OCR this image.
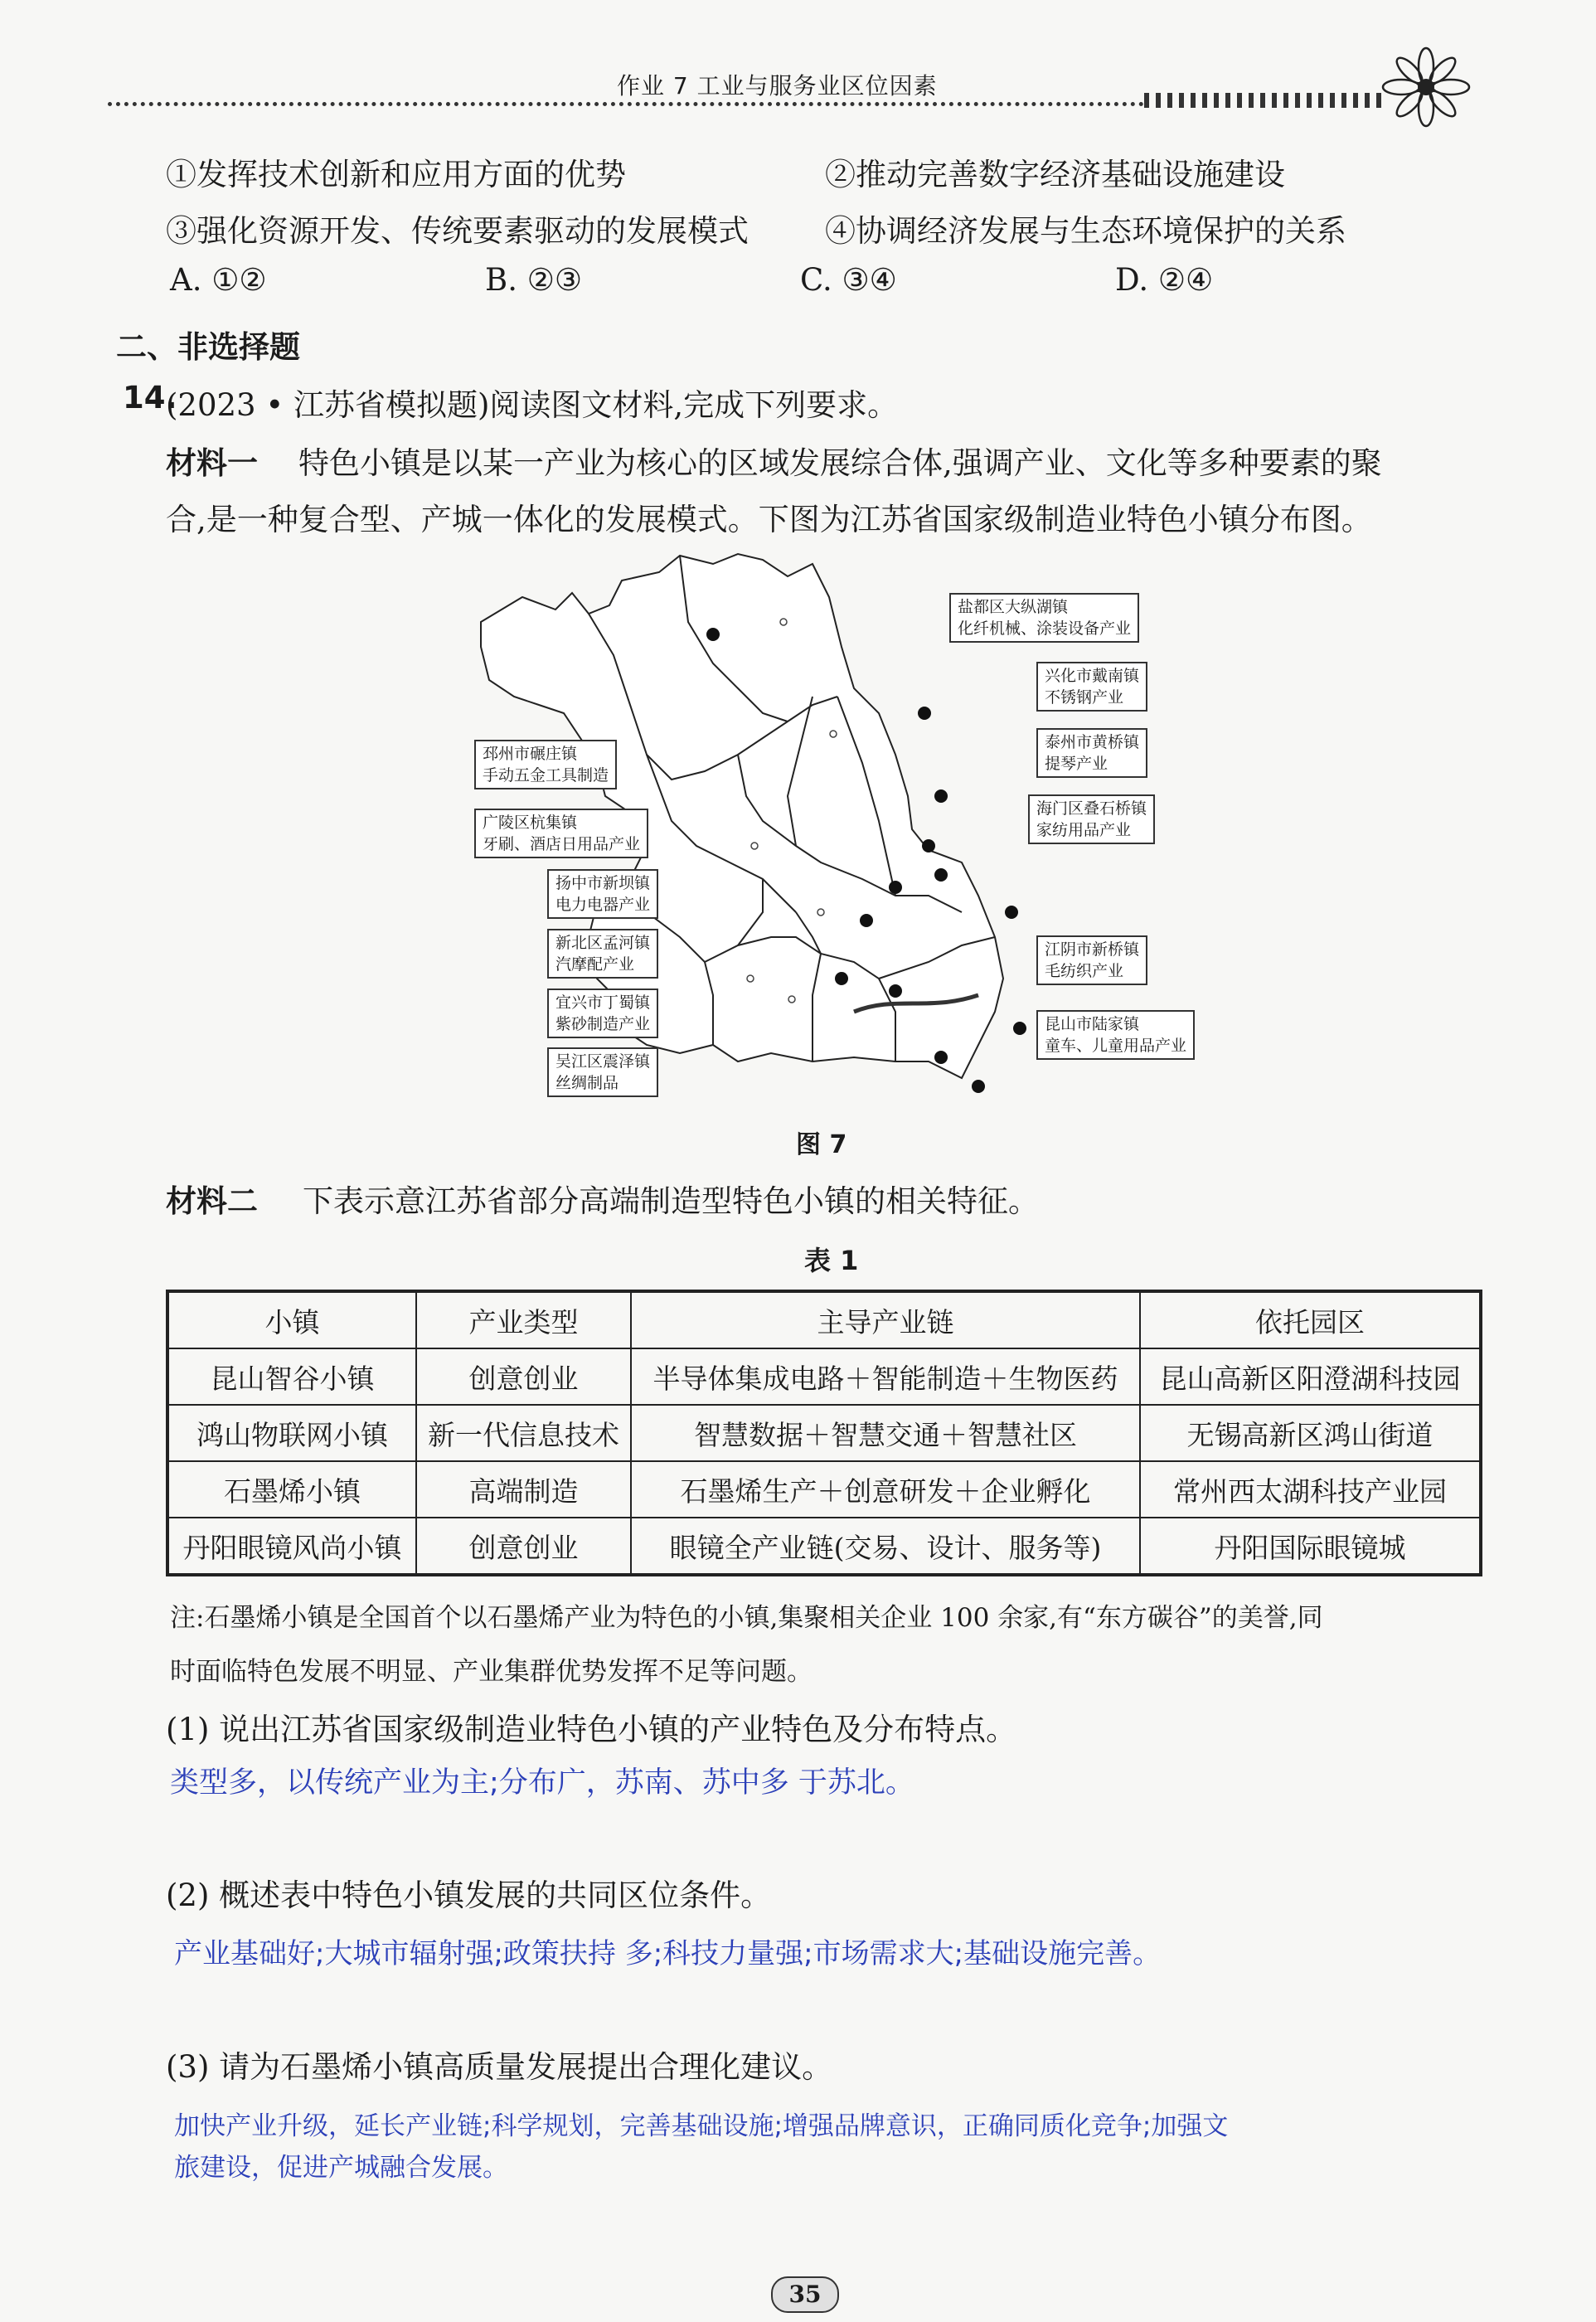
作业 7 工业与服务业区位因素
①发挥技术创新和应用方面的优势	②推动完善数字经济基础设施建设
③强化资源开发、传统要素驱动的发展模式 ④协调经济发展与生态环境保护的关系
A. ①②	B. ②③	C. ③④	D. ②④
二、非选择题
14.
(2023 • 江苏省模拟题)阅读图文材料,完成下列要求。
材料一 特色小镇是以某一产业为核心的区域发展综合体,强调产业、文化等多种要素的聚
合,是一种复合型、产城一体化的发展模式。下图为江苏省国家级制造业特色小镇分布图。
盐都区大纵湖镇
化纤机械、涂装设备产业
兴化市戴南镇
不锈钢产业
泰州市黄桥镇
提琴产业
海门区叠石桥镇
家纺用品产业
江阴市新桥镇
毛纺织产业
昆山市陆家镇
童车、儿童用品产业
邳州市碾庄镇
手动五金工具制造
广陵区杭集镇
牙刷、酒店日用品产业
扬中市新坝镇
电力电器产业
新北区孟河镇
汽摩配产业
宜兴市丁蜀镇
紫砂制造产业
吴江区震泽镇
丝绸制品
图 7
材料二 下表示意江苏省部分高端制造型特色小镇的相关特征。
表 1
小镇	产业类型	主导产业链	依托园区
昆山智谷小镇	创意创业	半导体集成电路＋智能制造＋生物医药	昆山高新区阳澄湖科技园
鸿山物联网小镇	新一代信息技术	智慧数据＋智慧交通＋智慧社区	无锡高新区鸿山街道
石墨烯小镇	高端制造	石墨烯生产＋创意研发＋企业孵化	常州西太湖科技产业园
丹阳眼镜风尚小镇	创意创业	眼镜全产业链(交易、设计、服务等)	丹阳国际眼镜城
注:石墨烯小镇是全国首个以石墨烯产业为特色的小镇,集聚相关企业 100 余家,有“东方碳谷”的美誉,同
时面临特色发展不明显、产业集群优势发挥不足等问题。
(1) 说出江苏省国家级制造业特色小镇的产业特色及分布特点。
类型多，以传统产业为主;分布广，苏南、苏中多 于苏北。
(2) 概述表中特色小镇发展的共同区位条件。
产业基础好;大城市辐射强;政策扶持 多;科技力量强;市场需求大;基础设施完善。
(3) 请为石墨烯小镇高质量发展提出合理化建议。
加快产业升级，延长产业链;科学规划，完善基础设施;增强品牌意识，正确同质化竞争;加强文
旅建设，促进产城融合发展。
35
